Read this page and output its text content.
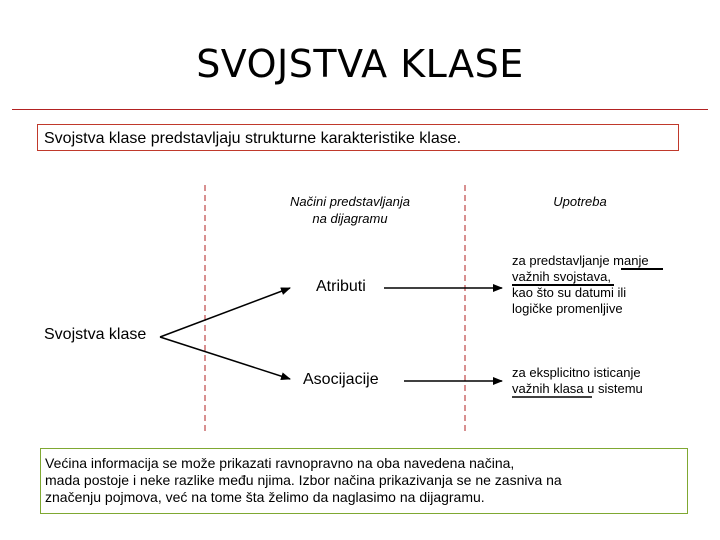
SVOJSTVA KLASE
Svojstva klase predstavljaju strukturne karakteristike klase.
Načini predstavljanja
na dijagramu
Upotreba
Svojstva klase
Atributi
Asocijacije
za predstavljanje manje
važnih svojstava,
kao što su datumi ili
logičke promenljive
za eksplicitno isticanje
važnih klasa u sistemu
Većina informacija se može prikazati ravnopravno na oba navedena načina,
mada postoje i neke razlike među njima. Izbor načina prikazivanja se ne zasniva na
značenju pojmova, već na tome šta želimo da naglasimo na dijagramu.
